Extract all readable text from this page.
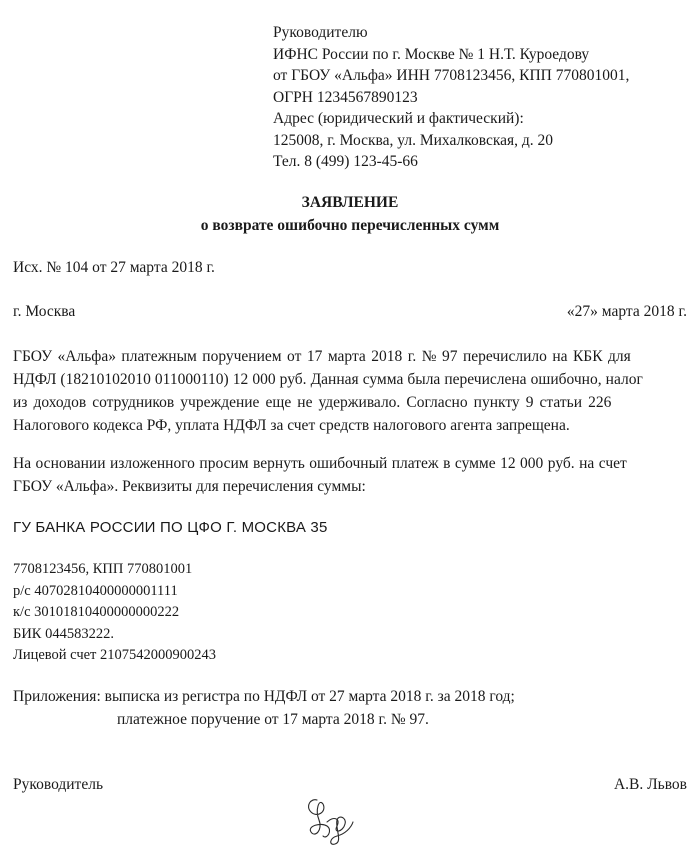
Руководителю
ИФНС России по г. Москве № 1 Н.Т. Куроедову
от ГБОУ «Альфа» ИНН 7708123456, КПП 770801001,
ОГРН 1234567890123
Адрес (юридический и фактический):
125008, г. Москва, ул. Михалковская, д. 20
Тел. 8 (499) 123-45-66
ЗАЯВЛЕНИЕ
о возврате ошибочно перечисленных сумм
Исх. № 104 от 27 марта 2018 г.
г. Москва	«27» марта 2018 г.
ГБОУ «Альфа» платежным поручением от 17 марта 2018 г. № 97 перечислило на КБК для
НДФЛ (18210102010 011000110) 12 000 руб. Данная сумма была перечислена ошибочно, налог
из доходов сотрудников учреждение еще не удерживало. Согласно пункту 9 статьи 226
Налогового кодекса РФ, уплата НДФЛ за счет средств налогового агента запрещена.
На основании изложенного просим вернуть ошибочный платеж в сумме 12 000 руб. на счет
ГБОУ «Альфа». Реквизиты для перечисления суммы:
ГУ БАНКА РОССИИ ПО ЦФО Г. МОСКВА 35
7708123456, КПП 770801001
р/с 40702810400000001111
к/с 30101810400000000222
БИК 044583222.
Лицевой счет 2107542000900243
Приложения: выписка из регистра по НДФЛ от 27 марта 2018 г. за 2018 год;
платежное поручение от 17 марта 2018 г. № 97.
Руководитель	А.В. Львов
